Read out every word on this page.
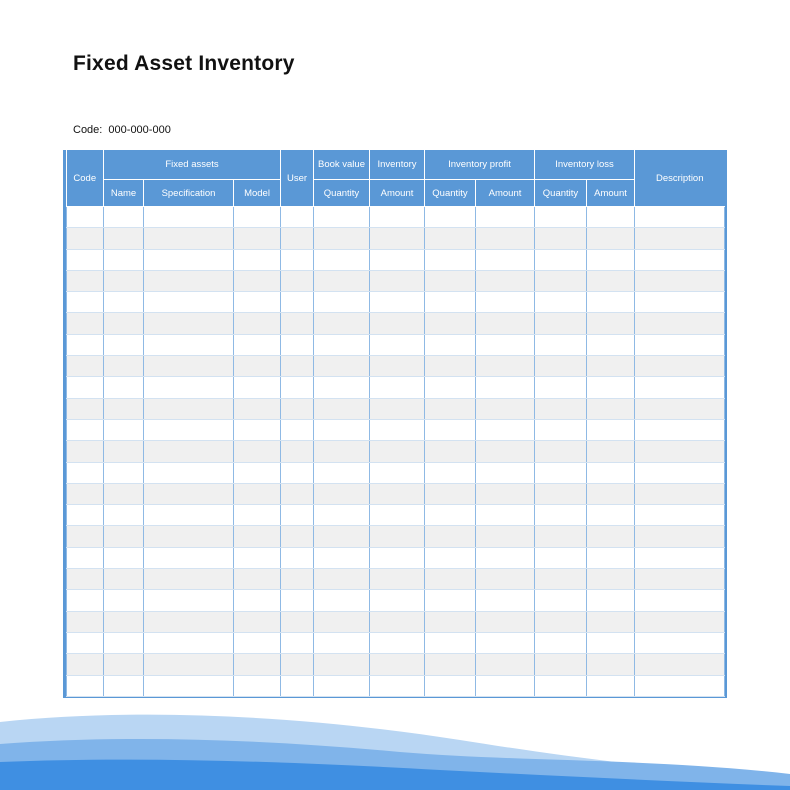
Fixed Asset Inventory
Code: 000-000-000
Code	Fixed assets			User	Book value	Inventory	Inventory profit		Inventory loss		Description
	Name	Specification	Model		Quantity	Amount	Quantity	Amount	Quantity	Amount	
